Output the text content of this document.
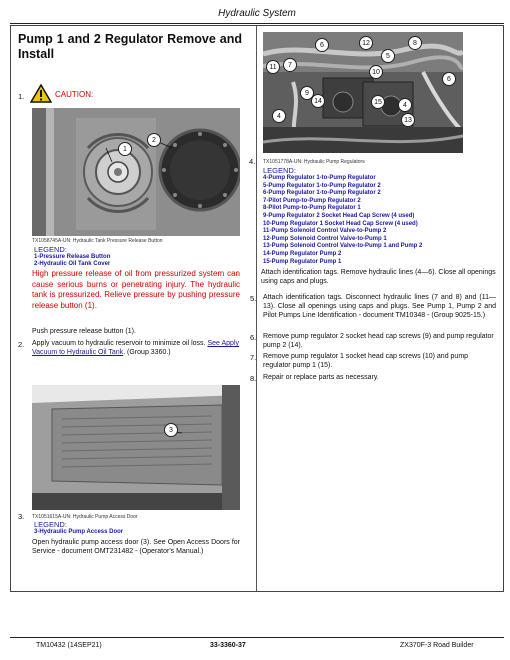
Hydraulic System
Pump 1 and 2 Regulator Remove and Install
1.	CAUTION:
1
2
TX1058745A-UN: Hydraulic Tank Pressure Release Button
LEGEND:
1-Pressure Release Button
2-Hydraulic Oil Tank Cover
High pressure release of oil from pressurized system can cause serious burns or penetrating injury. The hydraulic tank is pressurized. Relieve pressure by pushing pressure release button (1).
Push pressure release button (1).
2. Apply vacuum to hydraulic reservoir to minimize oil loss. See Apply Vacuum to Hydraulic Oil Tank. (Group 3360.)
3
3. TX1051615A-UN: Hydraulic Pump Access Door
LEGEND:
3-Hydraulic Pump Access Door
Open hydraulic pump access door (3). See Open Access Doors for Service - document OMT231482 - (Operator's Manual.)
6	12	8
11	7
5
10
6
9
14	15
4
4
13
4. TX1051778A-UN: Hydraulic Pump Regulators
LEGEND:
4-Pump Regulator 1-to-Pump Regulator
5-Pump Regulator 1-to-Pump Regulator 2
6-Pump Regulator 1-to-Pump Regulator 2
7-Pilot Pump-to-Pump Regulator 2
8-Pilot Pump-to-Pump Regulator 1
9-Pump Regulator 2 Socket Head Cap Screw (4 used)
10-Pump Regulator 1 Socket Head Cap Screw (4 used)
11-Pump Solenoid Control Valve-to-Pump 2
12-Pump Solenoid Control Valve-to-Pump 1
13-Pump Solenoid Control Valve-to-Pump 1 and Pump 2
14-Pump Regulator Pump 2
15-Pump Regulator Pump 1
Attach identification tags. Remove hydraulic lines (4—6). Close all openings using caps and plugs.
5. Attach identification tags. Disconnect hydraulic lines (7 and 8) and (11—13). Close all openings using caps and plugs. See Pump 1, Pump 2 and Pilot Pumps Line Identification - document TM10348 - (Group 9025-15.)
6. Remove pump regulator 2 socket head cap screws (9) and pump regulator pump 2 (14).
7. Remove pump regulator 1 socket head cap screws (10) and pump regulator pump 1 (15).
8. Repair or replace parts as necessary.
TM10432 (14SEP21)	33-3360-37	ZX370F-3 Road Builder
